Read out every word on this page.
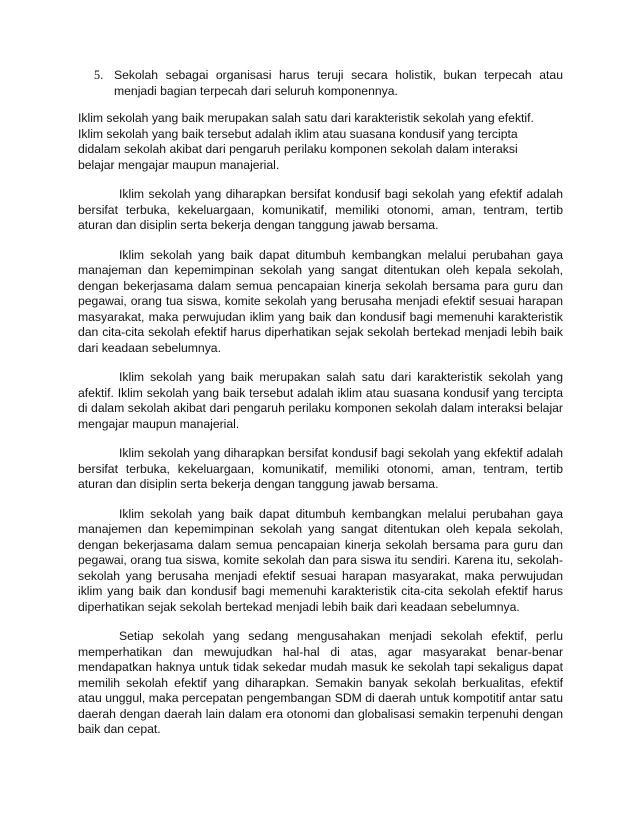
5. Sekolah sebagai organisasi harus teruji secara holistik, bukan terpecah atau menjadi bagian terpecah dari seluruh komponennya.

Iklim sekolah yang baik merupakan salah satu dari karakteristik sekolah yang efektif.

Iklim sekolah yang baik tersebut adalah iklim atau suasana kondusif yang tercipta

didalam sekolah akibat dari pengaruh perilaku komponen sekolah dalam interaksi

belajar mengajar maupun manajerial.

Iklim sekolah yang diharapkan bersifat kondusif bagi sekolah yang efektif adalah bersifat terbuka, kekeluargaan, komunikatif, memiliki otonomi, aman, tentram, tertib aturan dan disiplin serta bekerja dengan tanggung jawab bersama.

Iklim sekolah yang baik dapat ditumbuh kembangkan melalui perubahan gaya manajeman dan kepemimpinan sekolah yang sangat ditentukan oleh kepala sekolah, dengan bekerjasama dalam semua pencapaian kinerja sekolah bersama para guru dan pegawai, orang tua siswa, komite sekolah yang berusaha menjadi efektif sesuai harapan masyarakat, maka perwujudan iklim yang baik dan kondusif bagi memenuhi karakteristik dan cita-cita sekolah efektif harus diperhatikan sejak sekolah bertekad menjadi lebih baik dari keadaan sebelumnya.

Iklim sekolah yang baik merupakan salah satu dari karakteristik sekolah yang afektif. Iklim sekolah yang baik tersebut adalah iklim atau suasana kondusif yang tercipta di dalam sekolah akibat dari pengaruh perilaku komponen sekolah dalam interaksi belajar mengajar maupun manajerial.

Iklim sekolah yang diharapkan bersifat kondusif bagi sekolah yang ekfektif adalah bersifat terbuka, kekeluargaan, komunikatif, memiliki otonomi, aman, tentram, tertib aturan dan disiplin serta bekerja dengan tanggung jawab bersama.

Iklim sekolah yang baik dapat ditumbuh kembangkan melalui perubahan gaya manajemen dan kepemimpinan sekolah yang sangat ditentukan oleh kepala sekolah, dengan bekerjasama dalam semua pencapaian kinerja sekolah bersama para guru dan pegawai, orang tua siswa, komite sekolah dan para siswa itu sendiri. Karena itu, sekolah-sekolah yang berusaha menjadi efektif sesuai harapan masyarakat, maka perwujudan iklim yang baik dan kondusif bagi memenuhi karakteristik cita-cita sekolah efektif harus diperhatikan sejak sekolah bertekad menjadi lebih baik dari keadaan sebelumnya.

Setiap sekolah yang sedang mengusahakan menjadi sekolah efektif, perlu memperhatikan dan mewujudkan hal-hal di atas, agar masyarakat benar-benar mendapatkan haknya untuk tidak sekedar mudah masuk ke sekolah tapi sekaligus dapat memilih sekolah efektif yang diharapkan. Semakin banyak sekolah berkualitas, efektif atau unggul, maka percepatan pengembangan SDM di daerah untuk kompotitif antar satu daerah dengan daerah lain dalam era otonomi dan globalisasi semakin terpenuhi dengan baik dan cepat.
